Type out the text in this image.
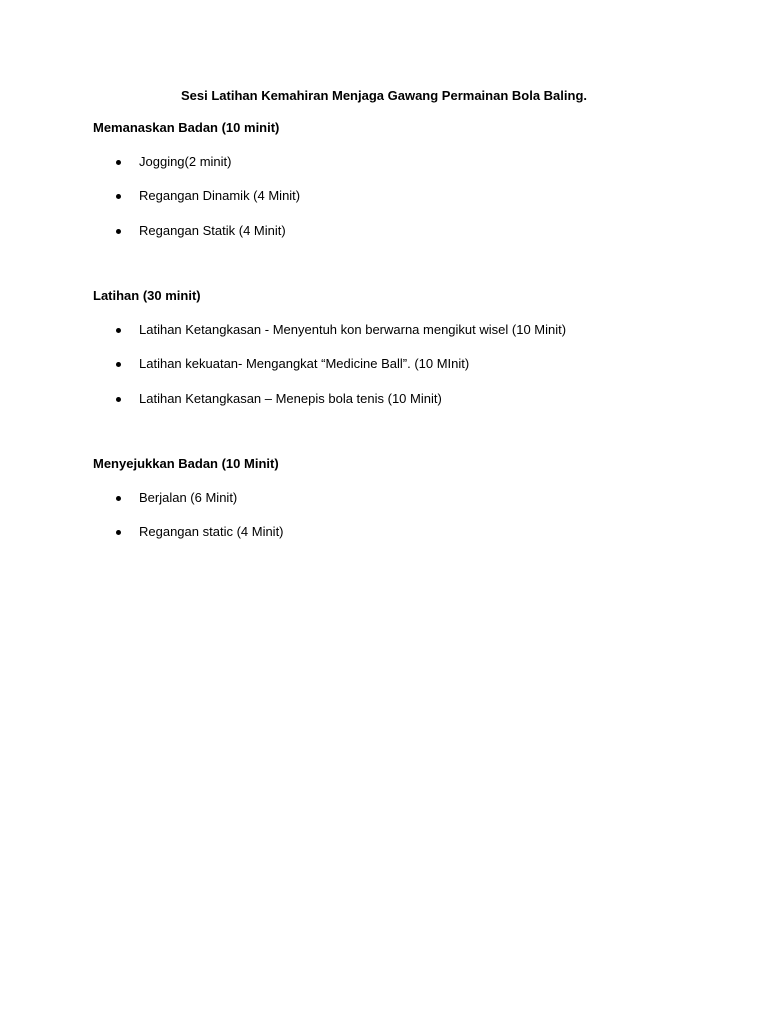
Sesi Latihan Kemahiran Menjaga Gawang Permainan Bola Baling.

Memanaskan Badan (10 minit)

Jogging(2 minit)
Regangan Dinamik (4 Minit)
Regangan Statik (4 Minit)

Latihan (30 minit)

Latihan Ketangkasan - Menyentuh kon berwarna mengikut wisel (10 Minit)
Latihan kekuatan- Mengangkat “Medicine Ball”. (10 MInit)
Latihan Ketangkasan – Menepis bola tenis (10 Minit)

Menyejukkan Badan (10 Minit)

Berjalan (6 Minit)
Regangan static (4 Minit)
